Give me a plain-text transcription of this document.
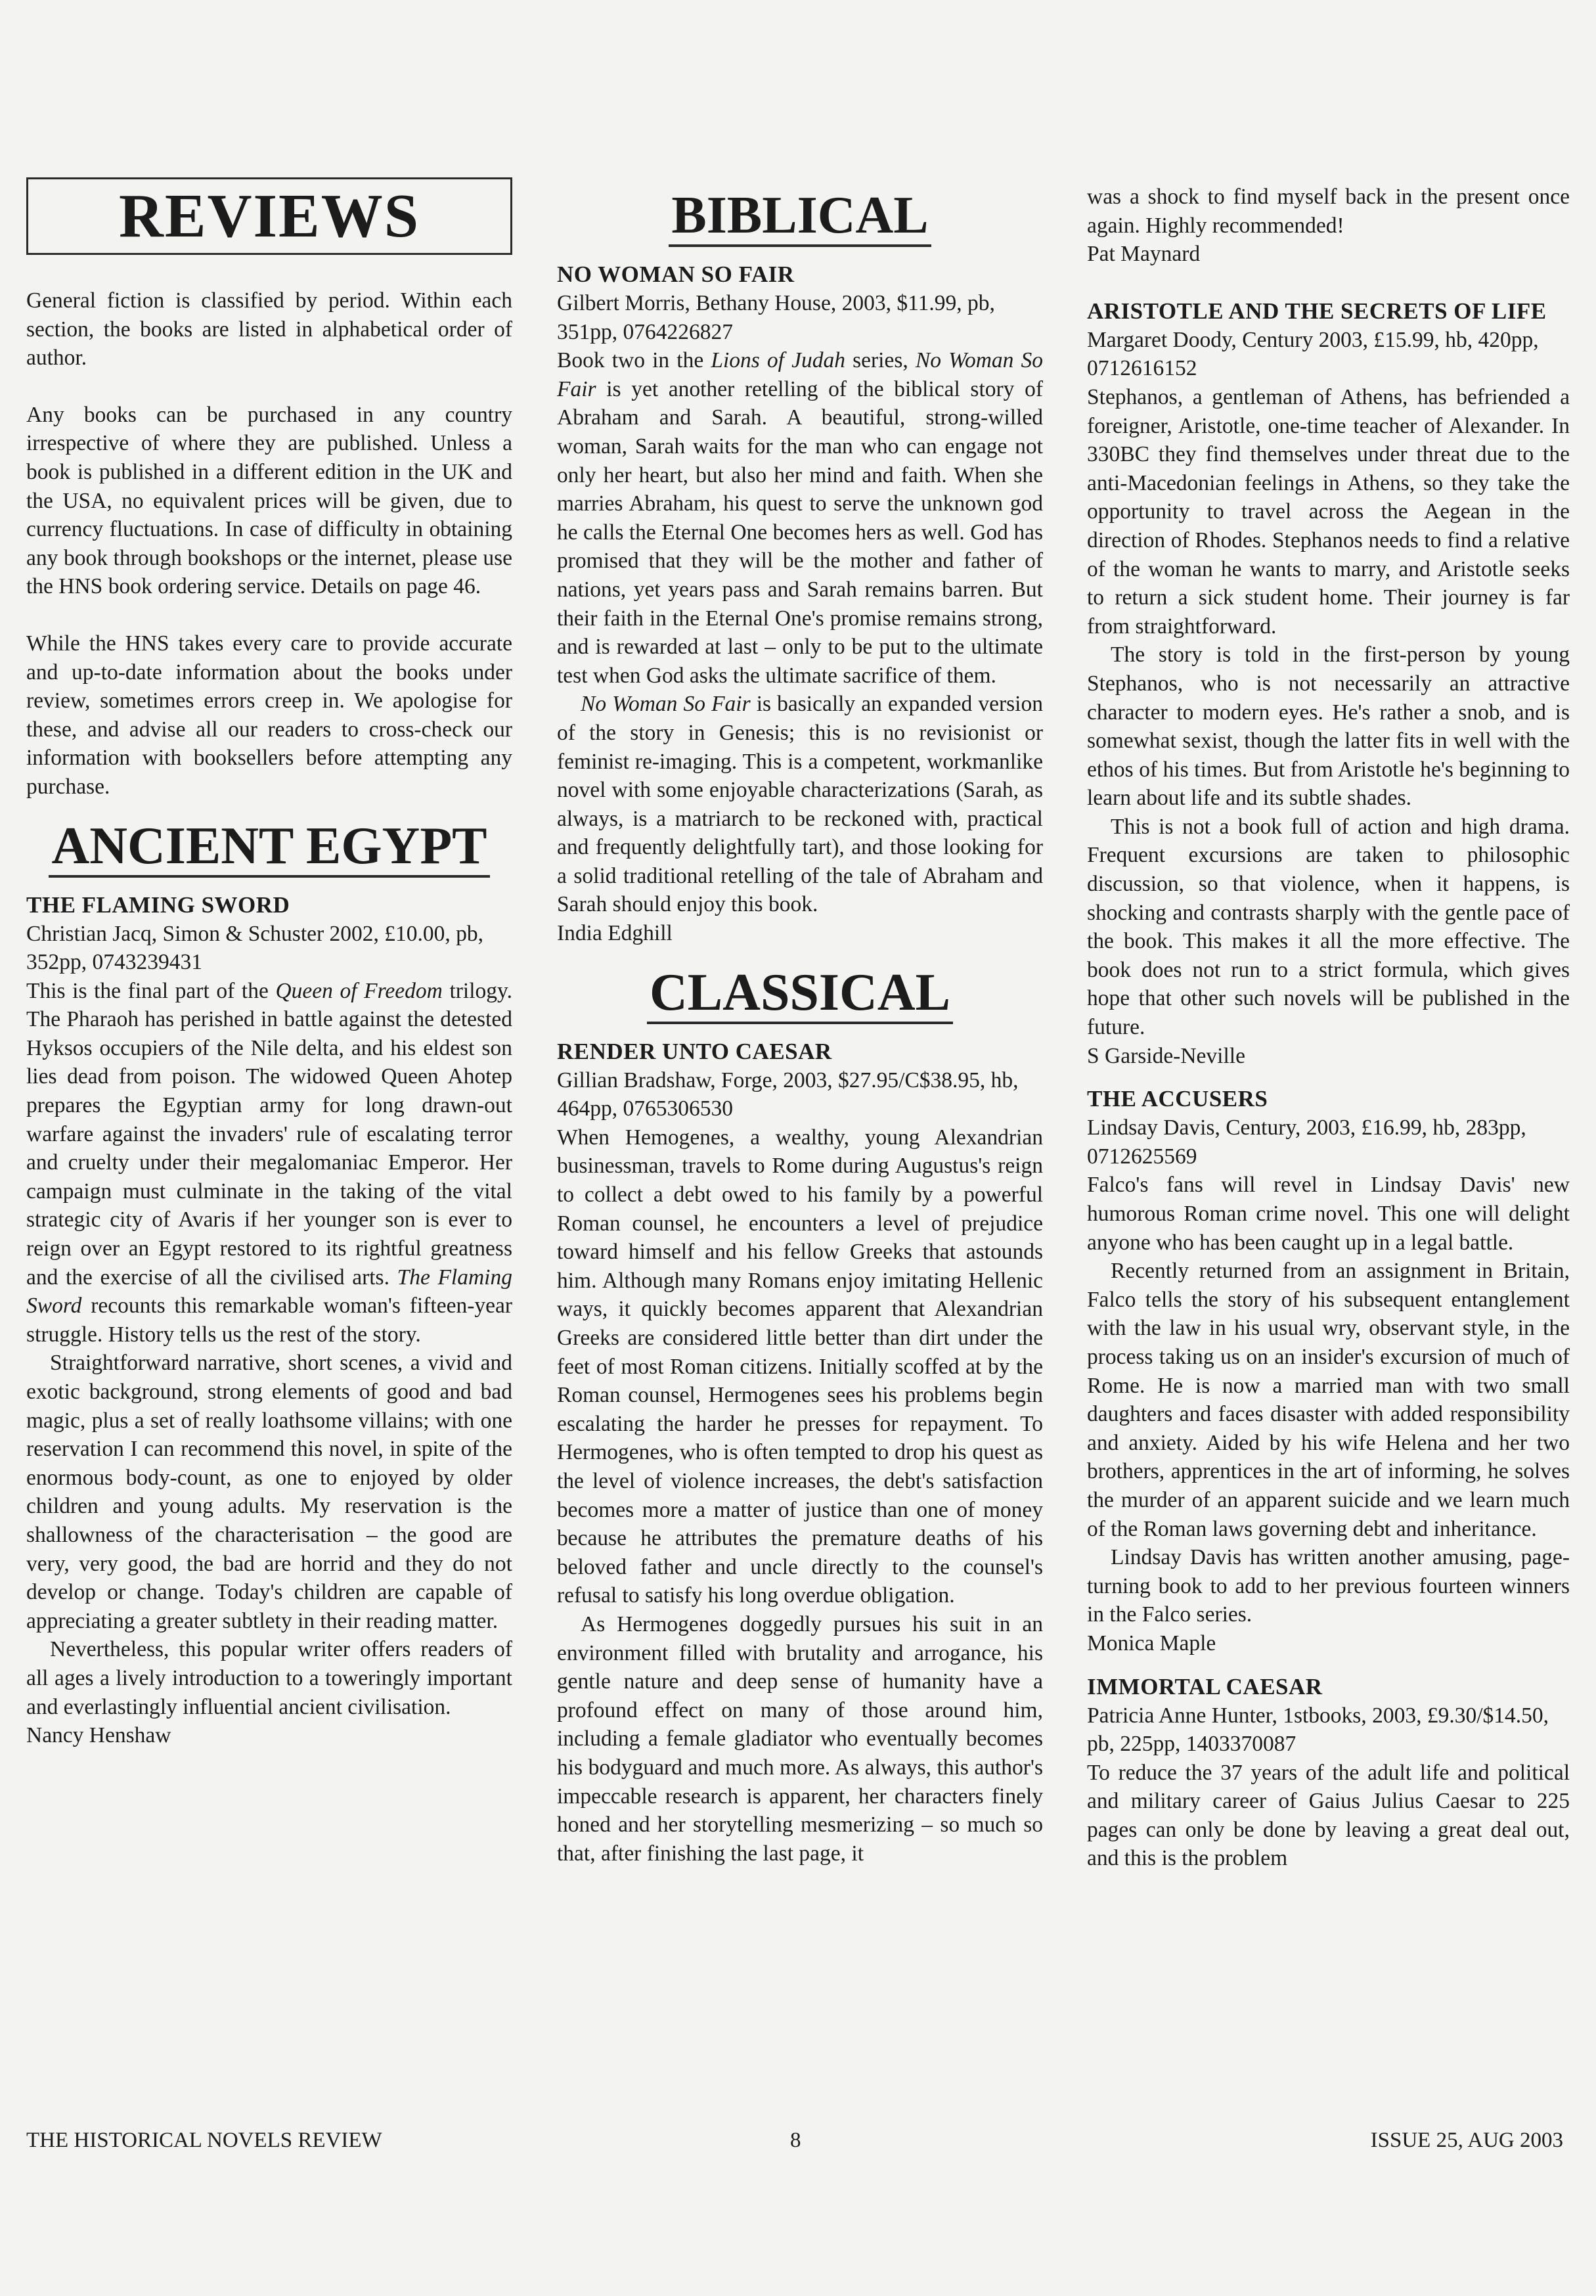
REVIEWS

General fiction is classified by period. Within each section, the books are listed in alphabetical order of author.

Any books can be purchased in any country irrespective of where they are published. Unless a book is published in a different edition in the UK and the USA, no equivalent prices will be given, due to currency fluctuations. In case of difficulty in obtaining any book through bookshops or the internet, please use the HNS book ordering service. Details on page 46.

While the HNS takes every care to provide accurate and up-to-date information about the books under review, sometimes errors creep in. We apologise for these, and advise all our readers to cross-check our information with booksellers before attempting any purchase.

ANCIENT EGYPT

THE FLAMING SWORD

Christian Jacq, Simon & Schuster 2002, £10.00, pb, 352pp, 0743239431

This is the final part of the Queen of Freedom trilogy. The Pharaoh has perished in battle against the detested Hyksos occupiers of the Nile delta, and his eldest son lies dead from poison. The widowed Queen Ahotep prepares the Egyptian army for long drawn-out warfare against the invaders' rule of escalating terror and cruelty under their megalomaniac Emperor. Her campaign must culminate in the taking of the vital strategic city of Avaris if her younger son is ever to reign over an Egypt restored to its rightful greatness and the exercise of all the civilised arts. The Flaming Sword recounts this remarkable woman's fifteen-year struggle. History tells us the rest of the story.

Straightforward narrative, short scenes, a vivid and exotic background, strong elements of good and bad magic, plus a set of really loathsome villains; with one reservation I can recommend this novel, in spite of the enormous body-count, as one to enjoyed by older children and young adults. My reservation is the shallowness of the characterisation – the good are very, very good, the bad are horrid and they do not develop or change. Today's children are capable of appreciating a greater subtlety in their reading matter.

Nevertheless, this popular writer offers readers of all ages a lively introduction to a toweringly important and everlastingly influential ancient civilisation.

Nancy Henshaw

BIBLICAL

NO WOMAN SO FAIR

Gilbert Morris, Bethany House, 2003, $11.99, pb, 351pp, 0764226827

Book two in the Lions of Judah series, No Woman So Fair is yet another retelling of the biblical story of Abraham and Sarah. A beautiful, strong-willed woman, Sarah waits for the man who can engage not only her heart, but also her mind and faith. When she marries Abraham, his quest to serve the unknown god he calls the Eternal One becomes hers as well. God has promised that they will be the mother and father of nations, yet years pass and Sarah remains barren. But their faith in the Eternal One's promise remains strong, and is rewarded at last – only to be put to the ultimate test when God asks the ultimate sacrifice of them.

No Woman So Fair is basically an expanded version of the story in Genesis; this is no revisionist or feminist re-imaging. This is a competent, workmanlike novel with some enjoyable characterizations (Sarah, as always, is a matriarch to be reckoned with, practical and frequently delightfully tart), and those looking for a solid traditional retelling of the tale of Abraham and Sarah should enjoy this book.

India Edghill

CLASSICAL

RENDER UNTO CAESAR

Gillian Bradshaw, Forge, 2003, $27.95/C$38.95, hb, 464pp, 0765306530

When Hemogenes, a wealthy, young Alexandrian businessman, travels to Rome during Augustus's reign to collect a debt owed to his family by a powerful Roman counsel, he encounters a level of prejudice toward himself and his fellow Greeks that astounds him. Although many Romans enjoy imitating Hellenic ways, it quickly becomes apparent that Alexandrian Greeks are considered little better than dirt under the feet of most Roman citizens. Initially scoffed at by the Roman counsel, Hermogenes sees his problems begin escalating the harder he presses for repayment. To Hermogenes, who is often tempted to drop his quest as the level of violence increases, the debt's satisfaction becomes more a matter of justice than one of money because he attributes the premature deaths of his beloved father and uncle directly to the counsel's refusal to satisfy his long overdue obligation.

As Hermogenes doggedly pursues his suit in an environment filled with brutality and arrogance, his gentle nature and deep sense of humanity have a profound effect on many of those around him, including a female gladiator who eventually becomes his bodyguard and much more. As always, this author's impeccable research is apparent, her characters finely honed and her storytelling mesmerizing – so much so that, after finishing the last page, it

was a shock to find myself back in the present once again. Highly recommended!

Pat Maynard

ARISTOTLE AND THE SECRETS OF LIFE

Margaret Doody, Century 2003, £15.99, hb, 420pp, 0712616152

Stephanos, a gentleman of Athens, has befriended a foreigner, Aristotle, one-time teacher of Alexander. In 330BC they find themselves under threat due to the anti-Macedonian feelings in Athens, so they take the opportunity to travel across the Aegean in the direction of Rhodes. Stephanos needs to find a relative of the woman he wants to marry, and Aristotle seeks to return a sick student home. Their journey is far from straightforward.

The story is told in the first-person by young Stephanos, who is not necessarily an attractive character to modern eyes. He's rather a snob, and is somewhat sexist, though the latter fits in well with the ethos of his times. But from Aristotle he's beginning to learn about life and its subtle shades.

This is not a book full of action and high drama. Frequent excursions are taken to philosophic discussion, so that violence, when it happens, is shocking and contrasts sharply with the gentle pace of the book. This makes it all the more effective. The book does not run to a strict formula, which gives hope that other such novels will be published in the future.

S Garside-Neville

THE ACCUSERS

Lindsay Davis, Century, 2003, £16.99, hb, 283pp, 0712625569

Falco's fans will revel in Lindsay Davis' new humorous Roman crime novel. This one will delight anyone who has been caught up in a legal battle.

Recently returned from an assignment in Britain, Falco tells the story of his subsequent entanglement with the law in his usual wry, observant style, in the process taking us on an insider's excursion of much of Rome. He is now a married man with two small daughters and faces disaster with added responsibility and anxiety. Aided by his wife Helena and her two brothers, apprentices in the art of informing, he solves the murder of an apparent suicide and we learn much of the Roman laws governing debt and inheritance.

Lindsay Davis has written another amusing, page-turning book to add to her previous fourteen winners in the Falco series.

Monica Maple

IMMORTAL CAESAR

Patricia Anne Hunter, 1stbooks, 2003, £9.30/$14.50, pb, 225pp, 1403370087

To reduce the 37 years of the adult life and political and military career of Gaius Julius Caesar to 225 pages can only be done by leaving a great deal out, and this is the problem

THE HISTORICAL NOVELS REVIEW	8	ISSUE 25, AUG 2003
